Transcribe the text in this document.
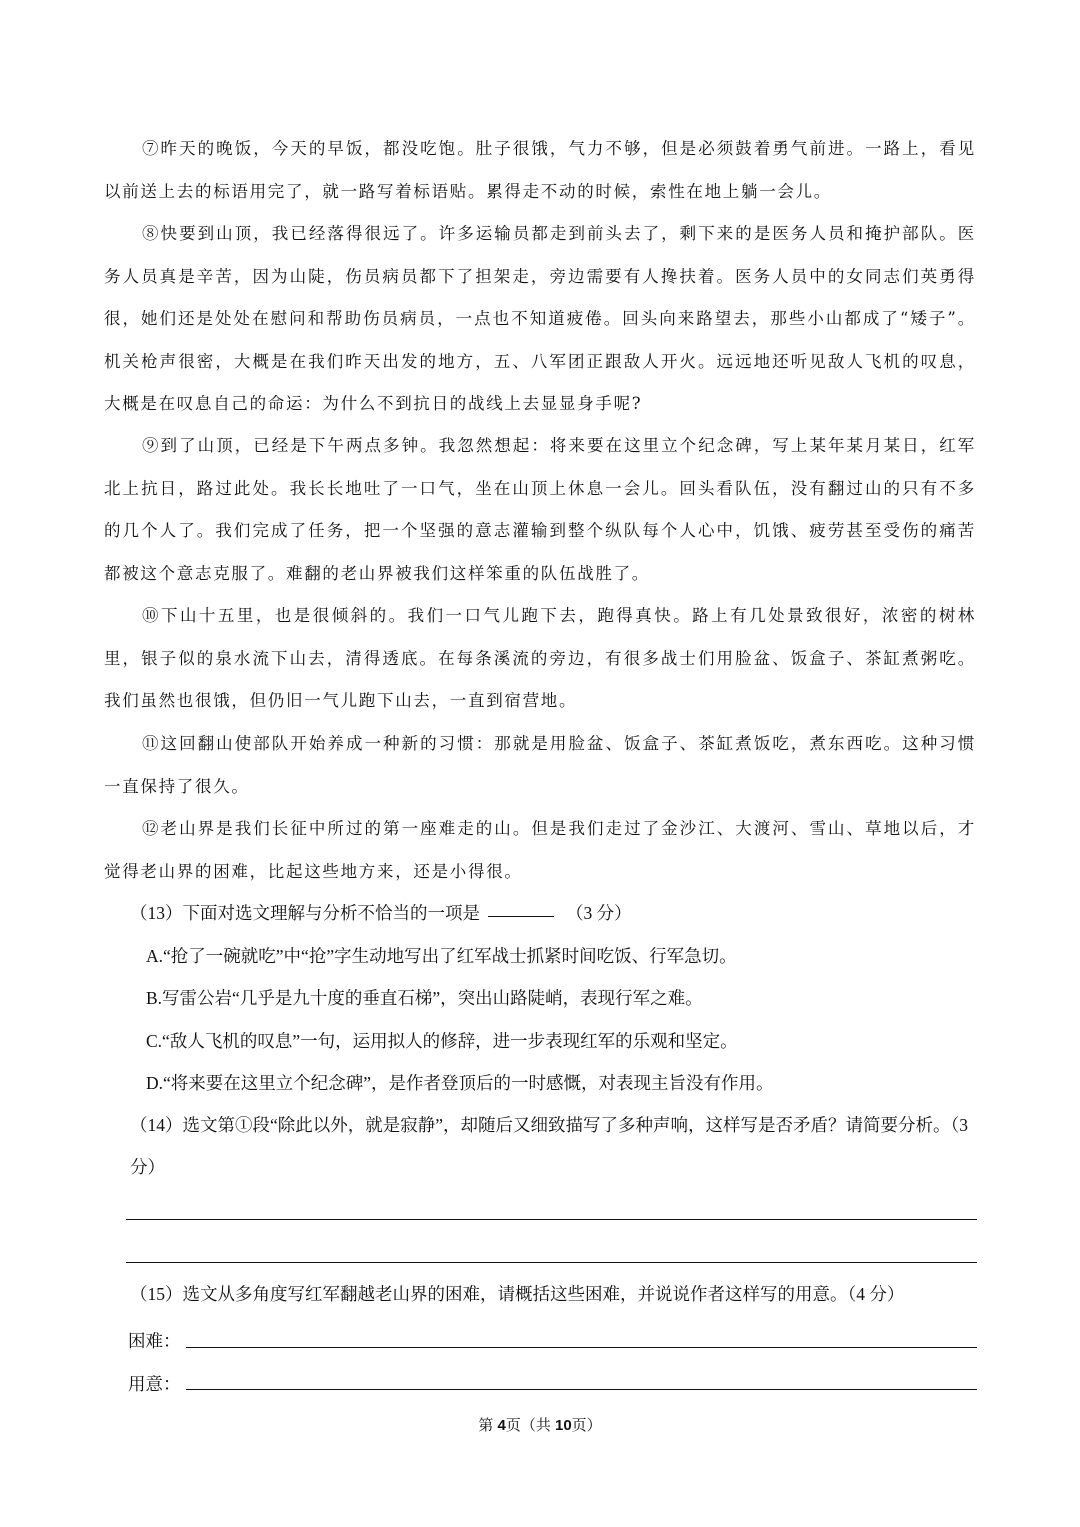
⑦昨天的晚饭，今天的早饭，都没吃饱。肚子很饿，气力不够，但是必须鼓着勇气前进。一路上，看见以前送上去的标语用完了，就一路写着标语贴。累得走不动的时候，索性在地上躺一会儿。

⑧快要到山顶，我已经落得很远了。许多运输员都走到前头去了，剩下来的是医务人员和掩护部队。医务人员真是辛苦，因为山陡，伤员病员都下了担架走，旁边需要有人搀扶着。医务人员中的女同志们英勇得很，她们还是处处在慰问和帮助伤员病员，一点也不知道疲倦。回头向来路望去，那些小山都成了“矮子”。机关枪声很密，大概是在我们昨天出发的地方，五、八军团正跟敌人开火。远远地还听见敌人飞机的叹息，大概是在叹息自己的命运：为什么不到抗日的战线上去显显身手呢?

⑨到了山顶，已经是下午两点多钟。我忽然想起：将来要在这里立个纪念碑，写上某年某月某日，红军北上抗日，路过此处。我长长地吐了一口气，坐在山顶上休息一会儿。回头看队伍，没有翻过山的只有不多的几个人了。我们完成了任务，把一个坚强的意志灌输到整个纵队每个人心中，饥饿、疲劳甚至受伤的痛苦都被这个意志克服了。难翻的老山界被我们这样笨重的队伍战胜了。

⑩下山十五里，也是很倾斜的。我们一口气儿跑下去，跑得真快。路上有几处景致很好，浓密的树林里，银子似的泉水流下山去，清得透底。在每条溪流的旁边，有很多战士们用脸盆、饭盒子、茶缸煮粥吃。我们虽然也很饿，但仍旧一气儿跑下山去，一直到宿营地。

⑪这回翻山使部队开始养成一种新的习惯：那就是用脸盆、饭盒子、茶缸煮饭吃，煮东西吃。这种习惯一直保持了很久。

⑫老山界是我们长征中所过的第一座难走的山。但是我们走过了金沙江、大渡河、雪山、草地以后，才觉得老山界的困难，比起这些地方来，还是小得很。

（13）下面对选文理解与分析不恰当的一项是	（3 分）
A.“抢了一碗就吃”中“抢”字生动地写出了红军战士抓紧时间吃饭、行军急切。
B.写雷公岩“几乎是九十度的垂直石梯”，突出山路陡峭，表现行军之难。
C.“敌人飞机的叹息”一句，运用拟人的修辞，进一步表现红军的乐观和坚定。
D.“将来要在这里立个纪念碑”，是作者登顶后的一时感慨，对表现主旨没有作用。
（14）选文第①段“除此以外，就是寂静”，却随后又细致描写了多种声响，这样写是否矛盾？请简要分析。（3 分）
（15）选文从多角度写红军翻越老山界的困难，请概括这些困难，并说说作者这样写的用意。（4 分）
困难：
用意：
第 4页（共 10页）
